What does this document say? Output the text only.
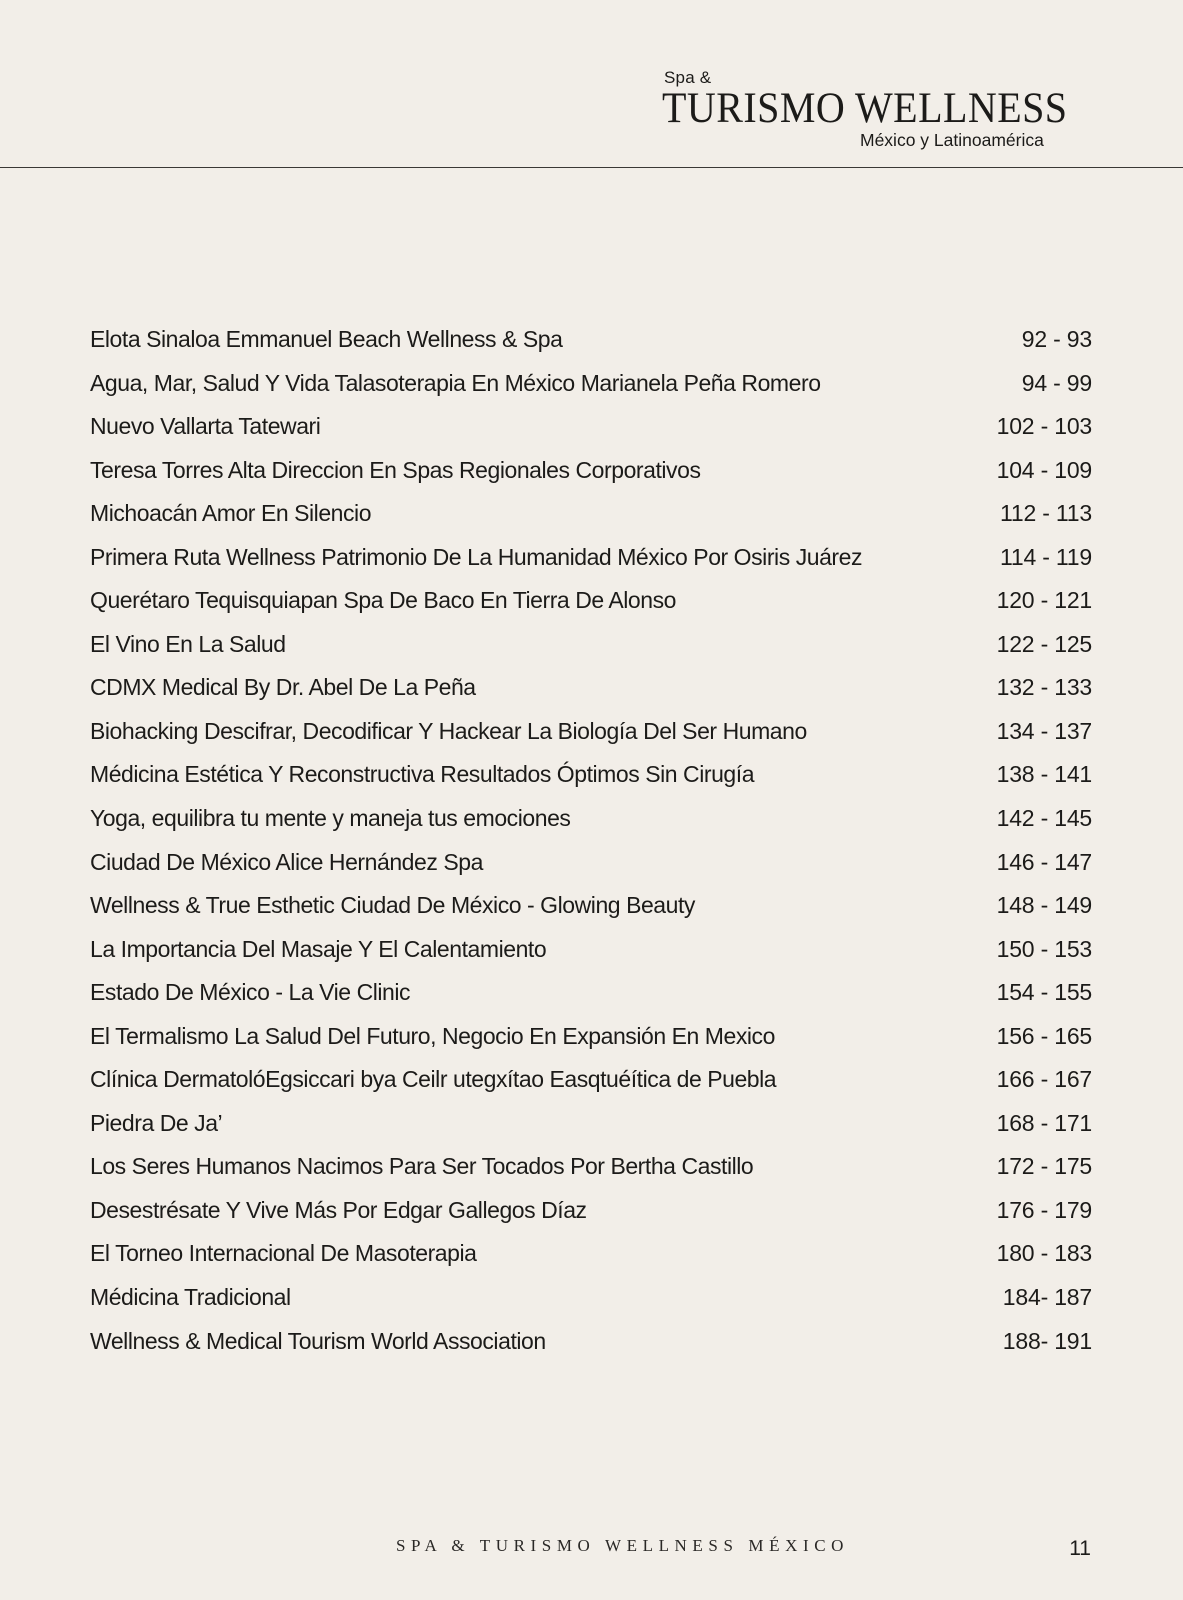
Spa &
TURISMO WELLNESS
México y Latinoamérica
Elota Sinaloa Emmanuel Beach Wellness & Spa	92 - 93
Agua, Mar, Salud Y Vida Talasoterapia En México Marianela Peña Romero	94 - 99
Nuevo Vallarta Tatewari	102 - 103
Teresa Torres Alta Direccion En Spas Regionales Corporativos	104 - 109
Michoacán Amor En Silencio	112 - 113
Primera Ruta Wellness Patrimonio De La Humanidad México Por Osiris Juárez	114 - 119
Querétaro Tequisquiapan Spa De Baco En Tierra De Alonso	120 - 121
El Vino En La Salud	122 - 125
CDMX Medical By Dr. Abel De La Peña	132 - 133
Biohacking Descifrar, Decodificar Y Hackear La Biología Del Ser Humano	134 - 137
Médicina Estética Y Reconstructiva Resultados Óptimos Sin Cirugía	138 - 141
Yoga, equilibra tu mente y maneja tus emociones	142 - 145
Ciudad De México Alice Hernández Spa	146 - 147
Wellness & True Esthetic Ciudad De México - Glowing Beauty	148 - 149
La Importancia Del Masaje Y El Calentamiento	150 - 153
Estado De México - La Vie Clinic	154 - 155
El Termalismo La Salud Del Futuro, Negocio En Expansión En Mexico	156 - 165
Clínica DermatolóEgsiccari bya Ceilr utegxítao Easqtuéítica de Puebla	166 - 167
Piedra De Ja’	168 - 171
Los Seres Humanos Nacimos Para Ser Tocados Por Bertha Castillo	172 - 175
Desestrésate Y Vive Más Por Edgar Gallegos Díaz	176 - 179
El Torneo Internacional De Masoterapia	180 - 183
Médicina Tradicional	184- 187
Wellness & Medical Tourism World Association	188- 191
SPA & TURISMO WELLNESS MÉXICO	11
